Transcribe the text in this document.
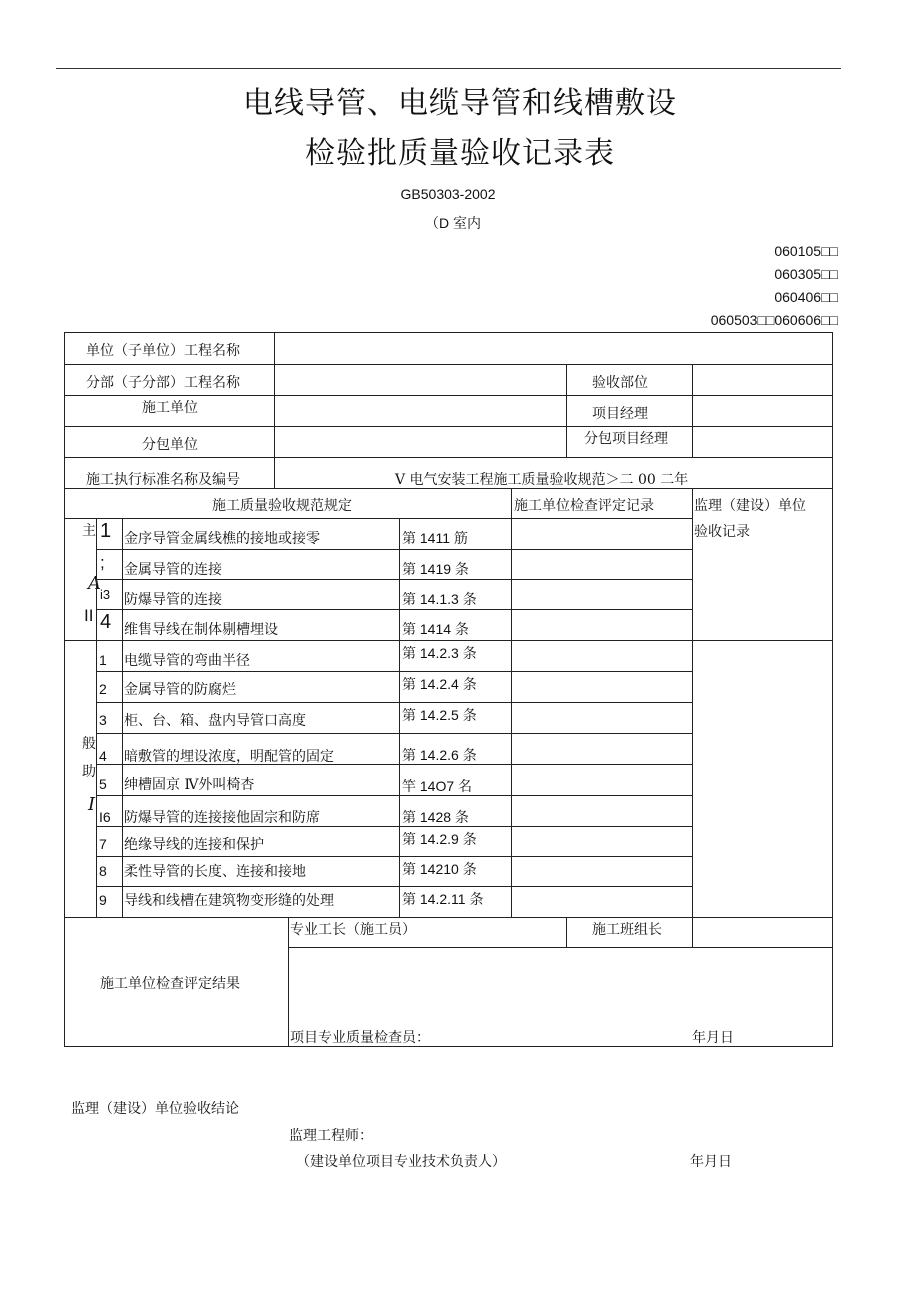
电线导管、电缆导管和线槽敷设
检验批质量验收记录表
GB50303-2002
（D 室内
060105□□
060305□□
060406□□
060503□□060606□□
单位（子单位）工程名称
分部（子分部）工程名称	验收部位
施工单位	项目经理
分包单位	分包项目经理
施工执行标准名称及编号	V 电气安装工程施工质量验收规范＞二 00 二年
施工质量验收规范规定	施工单位检查评定记录	监理（建设）单位
验收记录
主
A
II
1 金序导管金属线樵的接地或接零	第 1411 筋
; 金属导管的连接	第 1419 条
i3 防爆导管的连接	第 14.1.3 条
4 维售导线在制体剔槽埋设	第 1414 条
般
助
I
1 电缆导管的弯曲半径	第 14.2.3 条
2 金属导管的防腐烂	第 14.2.4 条
3 柜、台、箱、盘内导管口高度	第 14.2.5 条
4 暗敷管的埋设浓度，明配管的固定	第 14.2.6 条
5 绅槽固京 Ⅳ外叫椅杏	竿 14O7 名
I6 防爆导管的连接接他固宗和防席	第 1428 条
7 绝缘导线的连接和保护	第 14.2.9 条
8 柔性导管的长度、连接和接地	第 14210 条
9 导线和线槽在建筑物变形缝的处理	第 14.2.11 条
施工单位检查评定结果
专业工长（施工员）	施工班组长
项目专业质量检查员：	年月日
监理（建设）单位验收结论
监理工程师：
（建设单位项目专业技术负责人）	年月日
